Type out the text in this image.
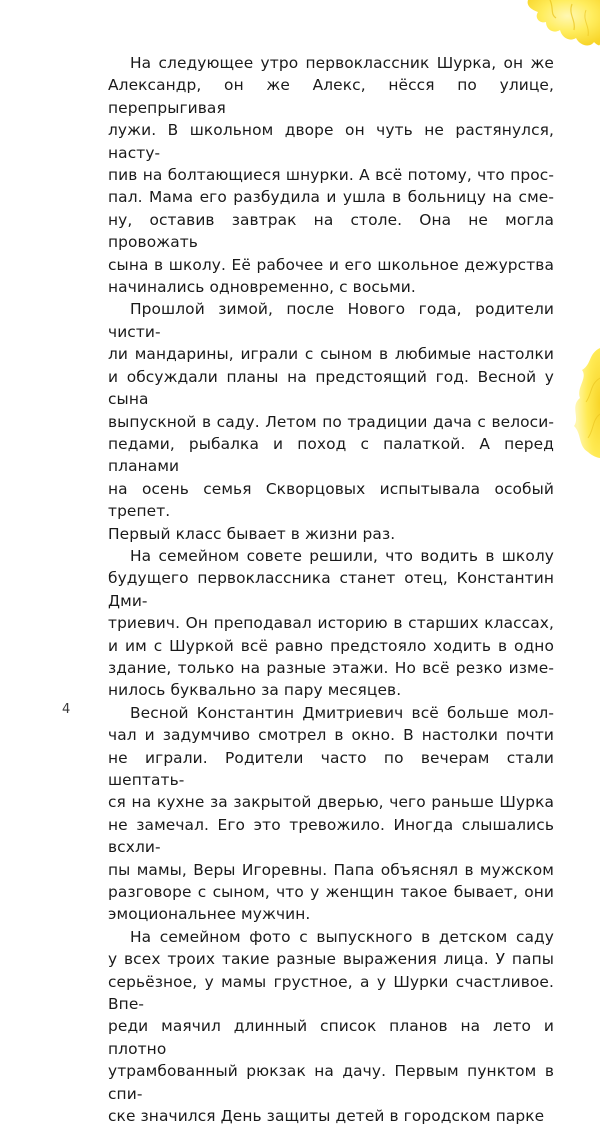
На следующее утро первоклассник Шурка, он же

Александр, он же Алекс, нёсся по улице, перепрыгивая

лужи. В школьном дворе он чуть не растянулся, насту-

пив на болтающиеся шнурки. А всё потому, что прос-

пал. Мама его разбудила и ушла в больницу на сме-

ну, оставив завтрак на столе. Она не могла провожать

сына в школу. Её рабочее и его школьное дежурства

начинались одновременно, с восьми.

Прошлой зимой, после Нового года, родители чисти-

ли мандарины, играли с сыном в любимые настолки

и обсуждали планы на предстоящий год. Весной у сына

выпускной в саду. Летом по традиции дача с велоси-

педами, рыбалка и поход с палаткой. А перед планами

на осень семья Скворцовых испытывала особый трепет.

Первый класс бывает в жизни раз.

На семейном совете решили, что водить в школу

будущего первоклассника станет отец, Константин Дми-

триевич. Он преподавал историю в старших классах,

и им с Шуркой всё равно предстояло ходить в одно

здание, только на разные этажи. Но всё резко изме-

нилось буквально за пару месяцев.

Весной Константин Дмитриевич всё больше мол-

чал и задумчиво смотрел в окно. В настолки почти

не играли. Родители часто по вечерам стали шептать-

ся на кухне за закрытой дверью, чего раньше Шурка

не замечал. Его это тревожило. Иногда слышались всхли-

пы мамы, Веры Игоревны. Папа объяснял в мужском

разговоре с сыном, что у женщин такое бывает, они

эмоциональнее мужчин.

На семейном фото с выпускного в детском саду

у всех троих такие разные выражения лица. У папы

серьёзное, у мамы грустное, а у Шурки счастливое. Впе-

реди маячил длинный список планов на лето и плотно

утрамбованный рюкзак на дачу. Первым пунктом в спи-

ске значился День защиты детей в городском парке

4
